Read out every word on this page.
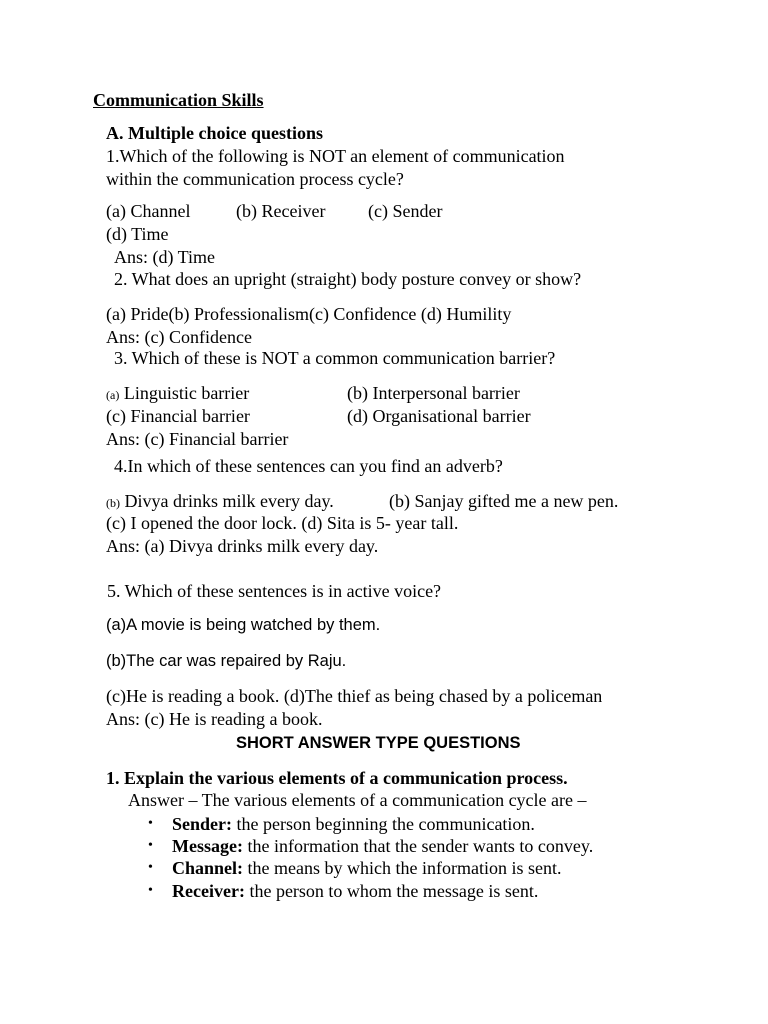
Communication Skills
A. Multiple choice questions
1.Which of the following is NOT an element of communication
within the communication process cycle?
(a) Channel	(b) Receiver (c) Sender
(d) Time
Ans: (d) Time
2. What does an upright (straight) body posture convey or show?
(a) Pride(b) Professionalism(c) Confidence (d) Humility
Ans: (c) Confidence
3. Which of these is NOT a common communication barrier?
(a) Linguistic barrier	(b) Interpersonal barrier
(c) Financial barrier	(d) Organisational barrier
Ans: (c) Financial barrier
4.In which of these sentences can you find an adverb?
(b) Divya drinks milk every day.	(b) Sanjay gifted me a new pen.
(c) I opened the door lock. (d) Sita is 5- year tall.
Ans: (a) Divya drinks milk every day.
5. Which of these sentences is in active voice?
(a)A movie is being watched by them.
(b)The car was repaired by Raju.
(c)He is reading a book. (d)The thief as being chased by a policeman
Ans: (c) He is reading a book.
SHORT ANSWER TYPE QUESTIONS
1. Explain the various elements of a communication process.
Answer – The various elements of a communication cycle are –
• Sender: the person beginning the communication.
• Message: the information that the sender wants to convey.
• Channel: the means by which the information is sent.
• Receiver: the person to whom the message is sent.
